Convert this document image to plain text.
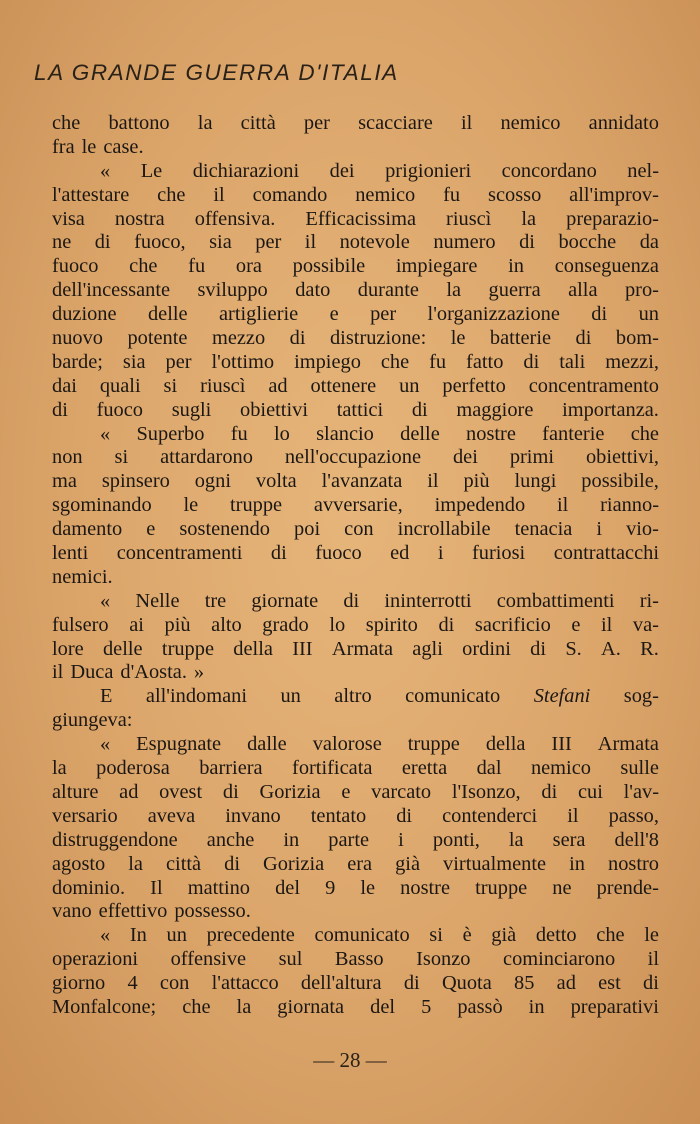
LA GRANDE GUERRA D'ITALIA
che battono la città per scacciare il nemico annidato
fra le case.
« Le dichiarazioni dei prigionieri concordano nel-
l'attestare che il comando nemico fu scosso all'improv-
visa nostra offensiva. Efficacissima riuscì la preparazio-
ne di fuoco, sia per il notevole numero di bocche da
fuoco che fu ora possibile impiegare in conseguenza
dell'incessante sviluppo dato durante la guerra alla pro-
duzione delle artiglierie e per l'organizzazione di un
nuovo potente mezzo di distruzione: le batterie di bom-
barde; sia per l'ottimo impiego che fu fatto di tali mezzi,
dai quali si riuscì ad ottenere un perfetto concentramento
di fuoco sugli obiettivi tattici di maggiore importanza.
« Superbo fu lo slancio delle nostre fanterie che
non si attardarono nell'occupazione dei primi obiettivi,
ma spinsero ogni volta l'avanzata il più lungi possibile,
sgominando le truppe avversarie, impedendo il rianno-
damento e sostenendo poi con incrollabile tenacia i vio-
lenti concentramenti di fuoco ed i furiosi contrattacchi
nemici.
« Nelle tre giornate di ininterrotti combattimenti ri-
fulsero ai più alto grado lo spirito di sacrificio e il va-
lore delle truppe della III Armata agli ordini di S. A. R.
il Duca d'Aosta. »
E all'indomani un altro comunicato Stefani sog-
giungeva:
« Espugnate dalle valorose truppe della III Armata
la poderosa barriera fortificata eretta dal nemico sulle
alture ad ovest di Gorizia e varcato l'Isonzo, di cui l'av-
versario aveva invano tentato di contenderci il passo,
distruggendone anche in parte i ponti, la sera dell'8
agosto la città di Gorizia era già virtualmente in nostro
dominio. Il mattino del 9 le nostre truppe ne prende-
vano effettivo possesso.
« In un precedente comunicato si è già detto che le
operazioni offensive sul Basso Isonzo cominciarono il
giorno 4 con l'attacco dell'altura di Quota 85 ad est di
Monfalcone; che la giornata del 5 passò in preparativi
— 28 —
